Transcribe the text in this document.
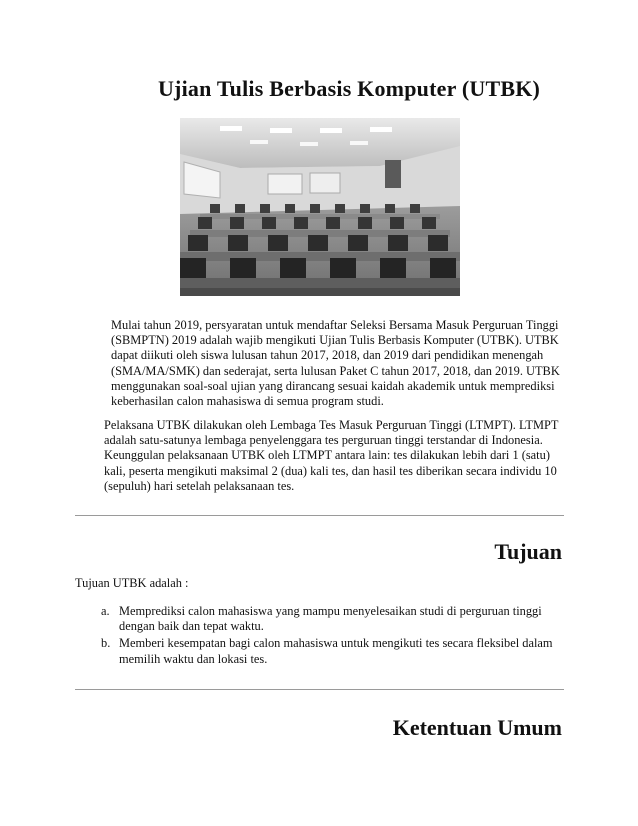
Ujian Tulis Berbasis Komputer (UTBK)
Mulai tahun 2019, persyaratan untuk mendaftar Seleksi Bersama Masuk Perguruan Tinggi (SBMPTN) 2019 adalah wajib mengikuti Ujian Tulis Berbasis Komputer (UTBK). UTBK dapat diikuti oleh siswa lulusan tahun 2017, 2018, dan 2019 dari pendidikan menengah (SMA/MA/SMK) dan sederajat, serta lulusan Paket C tahun 2017, 2018, dan 2019. UTBK menggunakan soal-soal ujian yang dirancang sesuai kaidah akademik untuk memprediksi keberhasilan calon mahasiswa di semua program studi.
Pelaksana UTBK dilakukan oleh Lembaga Tes Masuk Perguruan Tinggi (LTMPT). LTMPT adalah satu-satunya lembaga penyelenggara tes perguruan tinggi terstandar di Indonesia. Keunggulan pelaksanaan UTBK oleh LTMPT antara lain: tes dilakukan lebih dari 1 (satu) kali, peserta mengikuti maksimal 2 (dua) kali tes, dan hasil tes diberikan secara individu 10 (sepuluh) hari setelah pelaksanaan tes.
Tujuan
Tujuan UTBK adalah :
a. Memprediksi calon mahasiswa yang mampu menyelesaikan studi di perguruan tinggi dengan baik dan tepat waktu.
b. Memberi kesempatan bagi calon mahasiswa untuk mengikuti tes secara fleksibel dalam memilih waktu dan lokasi tes.
Ketentuan Umum
